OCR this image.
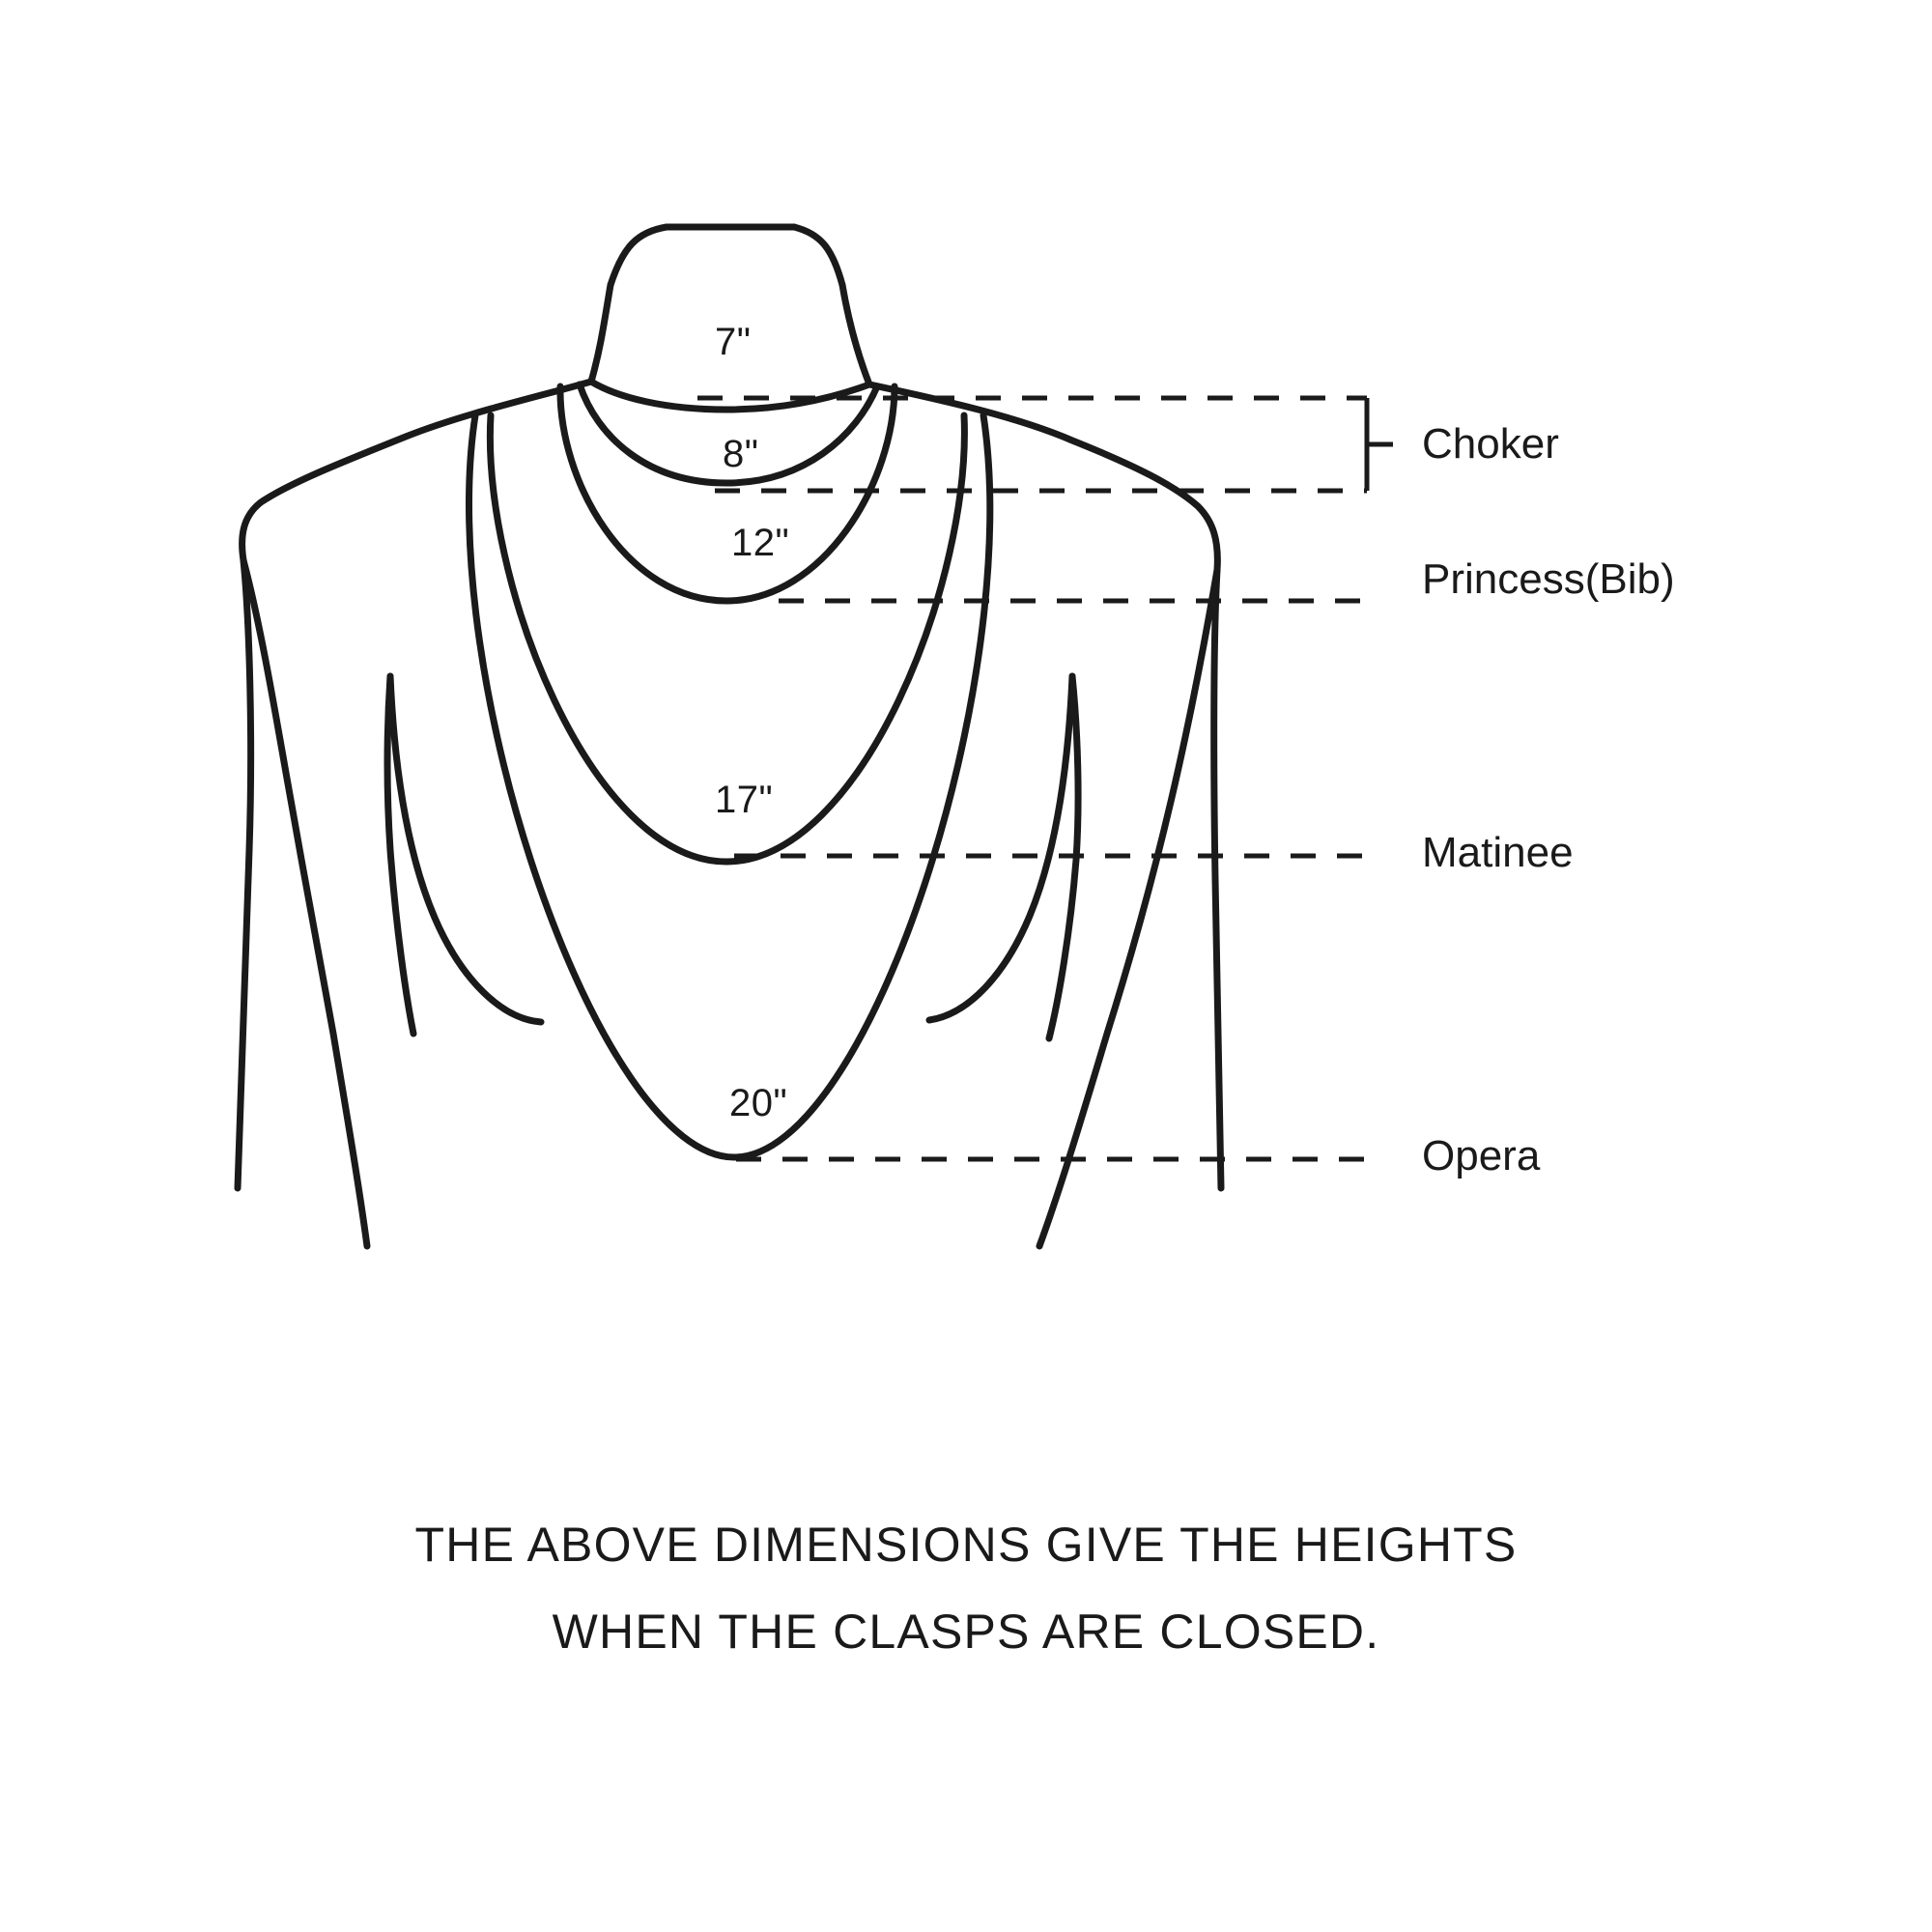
7"
8"
12"
17"
20"
Choker
Princess(Bib)
Matinee
Opera
THE ABOVE DIMENSIONS GIVE THE HEIGHTS
WHEN THE CLASPS ARE CLOSED.
